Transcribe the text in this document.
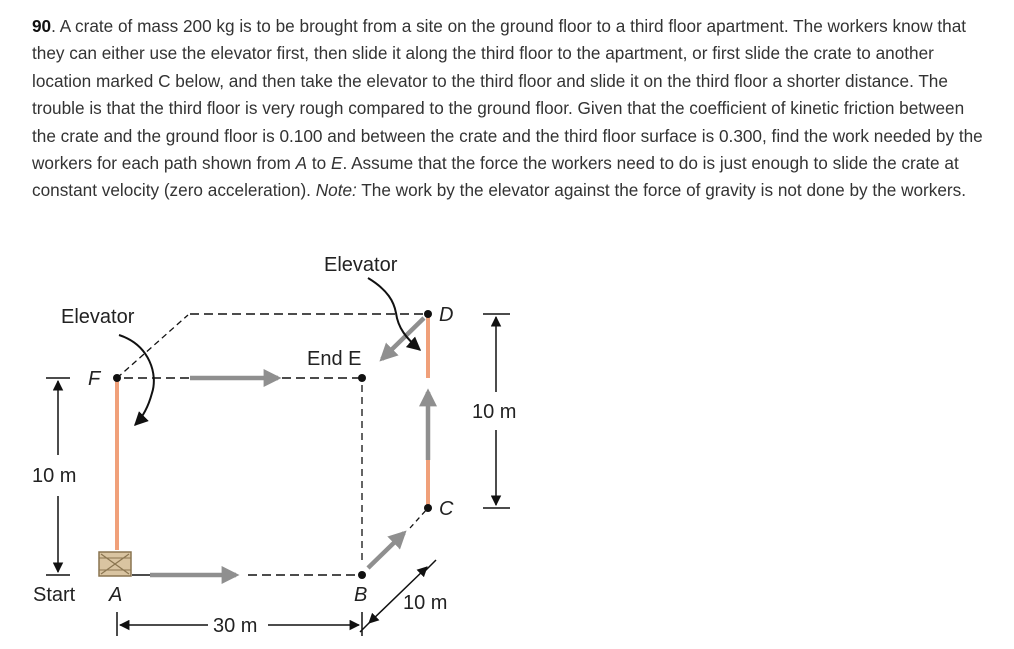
90. A crate of mass 200 kg is to be brought from a site on the ground floor to a third floor apartment. The workers know that they can either use the elevator first, then slide it along the third floor to the apartment, or first slide the crate to another location marked C below, and then take the elevator to the third floor and slide it on the third floor a shorter distance. The trouble is that the third floor is very rough compared to the ground floor. Given that the coefficient of kinetic friction between the crate and the ground floor is 0.100 and between the crate and the third floor surface is 0.300, find the work needed by the workers for each path shown from A to E. Assume that the force the workers need to do is just enough to slide the crate at constant velocity (zero acceleration). Note: The work by the elevator against the force of gravity is not done by the workers.

Elevator
Elevator
End E
D
F
C
Start A	B
10 m
10 m
30 m
10 m
